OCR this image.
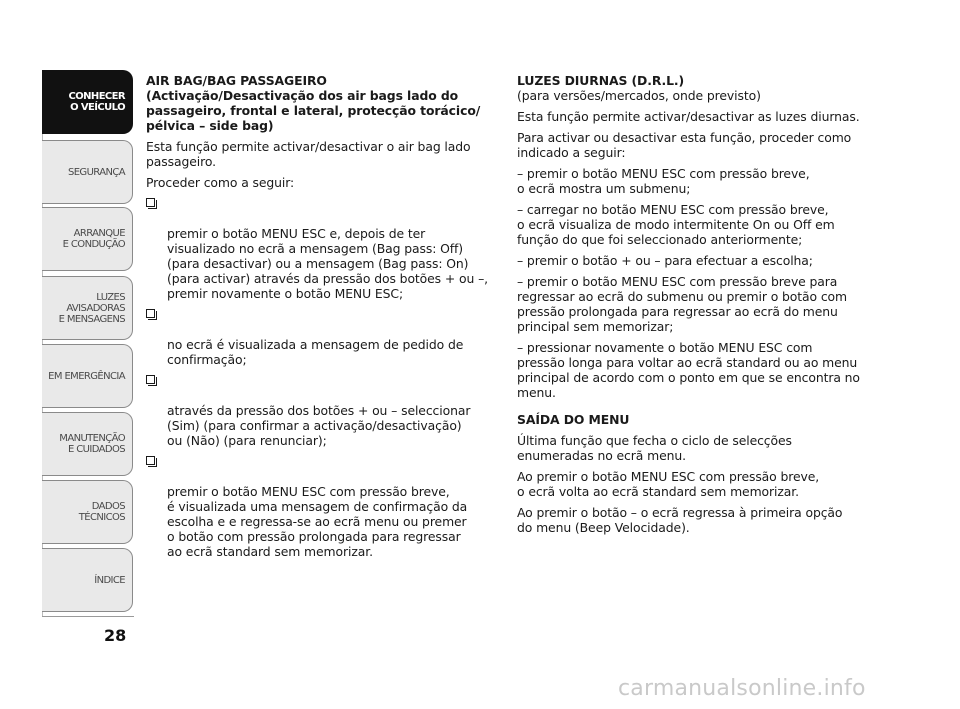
CONHECER
O VEÍCULO
SEGURANÇA
ARRANQUE
E CONDUÇÃO
LUZES
AVISADORAS
E MENSAGENS
EM EMERGÊNCIA
MANUTENÇÃO
E CUIDADOS
DADOS
TÉCNICOS
ÍNDICE
28

AIR BAG/BAG PASSAGEIRO
(Activação/Desactivação dos air bags lado do passageiro, frontal e lateral, protecção torácico/ pélvica – side bag)

Esta função permite activar/desactivar o air bag lado passageiro.

Proceder como a seguir:

premir o botão MENU ESC e, depois de ter
visualizado no ecrã a mensagem (Bag pass: Off)
(para desactivar) ou a mensagem (Bag pass: On)
(para activar) através da pressão dos botões + ou –,
premir novamente o botão MENU ESC;

no ecrã é visualizada a mensagem de pedido de
confirmação;

através da pressão dos botões + ou – seleccionar
(Sim) (para confirmar a activação/desactivação)
ou (Não) (para renunciar);

premir o botão MENU ESC com pressão breve,
é visualizada uma mensagem de confirmação da
escolha e e regressa-se ao ecrã menu ou premer
o botão com pressão prolongada para regressar
ao ecrã standard sem memorizar.

LUZES DIURNAS (D.R.L.)

(para versões/mercados, onde previsto)

Esta função permite activar/desactivar as luzes diurnas.

Para activar ou desactivar esta função, proceder como
indicado a seguir:

– premir o botão MENU ESC com pressão breve,
o ecrã mostra um submenu;

– carregar no botão MENU ESC com pressão breve,
o ecrã visualiza de modo intermitente On ou Off em
função do que foi seleccionado anteriormente;

– premir o botão + ou – para efectuar a escolha;

– premir o botão MENU ESC com pressão breve para
regressar ao ecrã do submenu ou premir o botão com
pressão prolongada para regressar ao ecrã do menu
principal sem memorizar;

– pressionar novamente o botão MENU ESC com
pressão longa para voltar ao ecrã standard ou ao menu
principal de acordo com o ponto em que se encontra no
menu.

SAÍDA DO MENU

Última função que fecha o ciclo de selecções
enumeradas no ecrã menu.

Ao premir o botão MENU ESC com pressão breve,
o ecrã volta ao ecrã standard sem memorizar.

Ao premir o botão – o ecrã regressa à primeira opção
do menu (Beep Velocidade).

carmanualsonline.info
